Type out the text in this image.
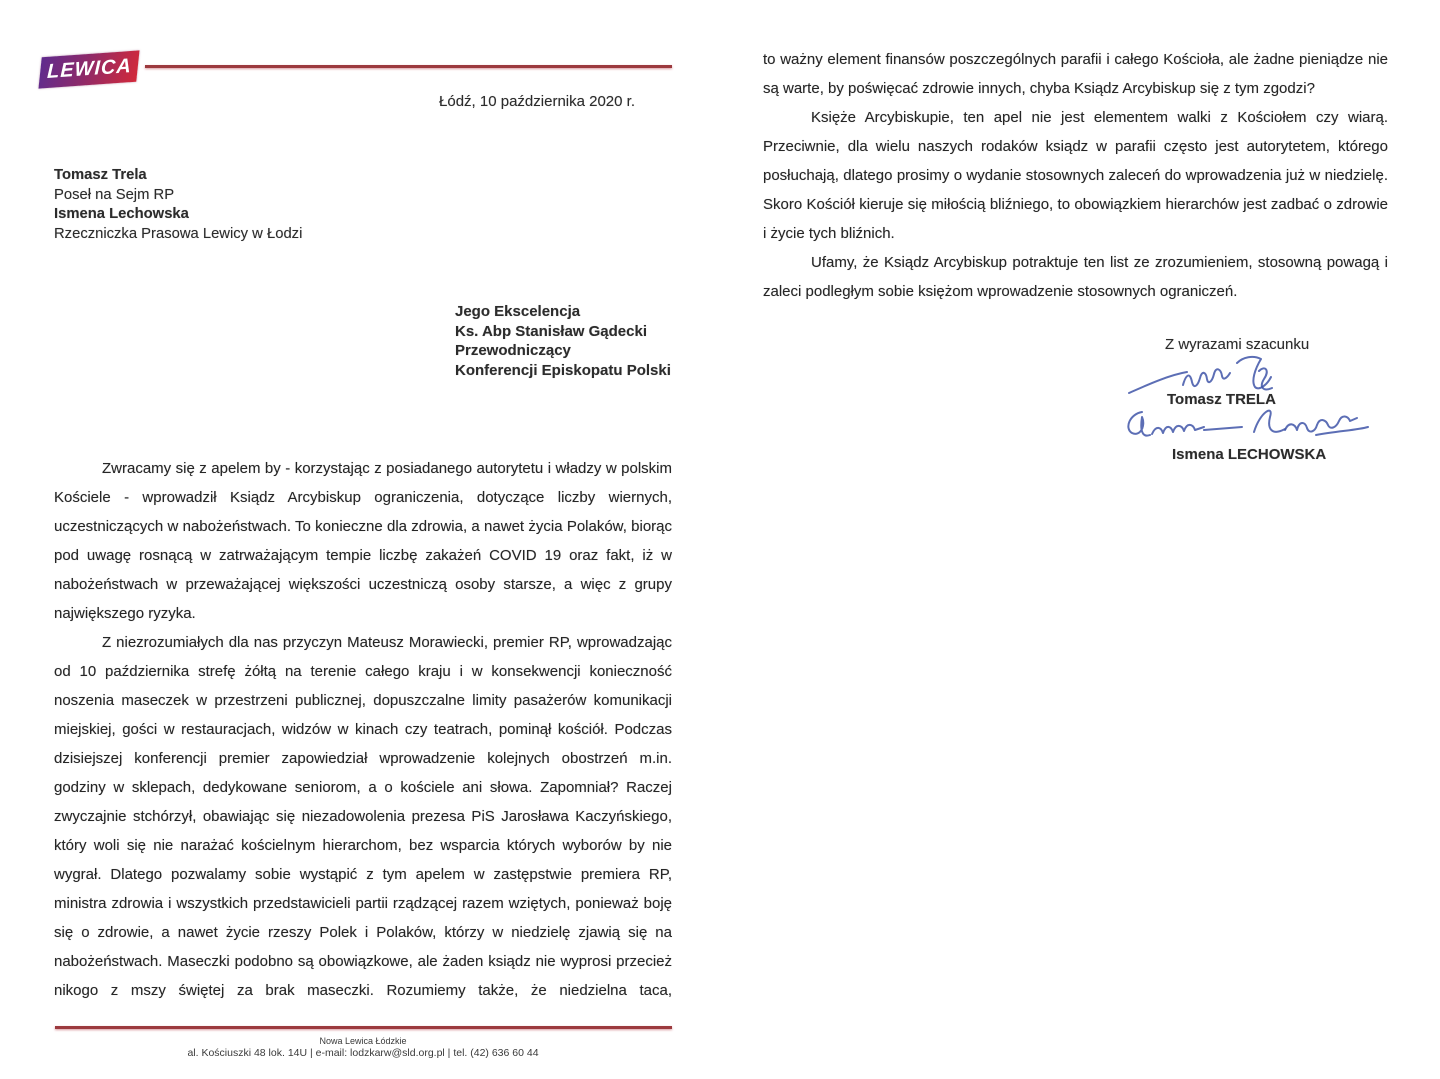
LEWICA
Łódź, 10 października 2020 r.
Tomasz Trela
Poseł na Sejm RP
Ismena Lechowska
Rzeczniczka Prasowa Lewicy w Łodzi
Jego Ekscelencja
Ks. Abp Stanisław Gądecki
Przewodniczący
Konferencji Episkopatu Polski

Zwracamy się z apelem by - korzystając z posiadanego autorytetu i władzy w polskim Kościele - wprowadził Ksiądz Arcybiskup ograniczenia, dotyczące liczby wiernych, uczestniczących w nabożeństwach. To konieczne dla zdrowia, a nawet życia Polaków, biorąc pod uwagę rosnącą w zatrważającym tempie liczbę zakażeń COVID 19 oraz fakt, iż w nabożeństwach w przeważającej większości uczestniczą osoby starsze, a więc z grupy największego ryzyka.

Z niezrozumiałych dla nas przyczyn Mateusz Morawiecki, premier RP, wprowadzając od 10 października strefę żółtą na terenie całego kraju i w konsekwencji konieczność noszenia maseczek w przestrzeni publicznej, dopuszczalne limity pasażerów komunikacji miejskiej, gości w restauracjach, widzów w kinach czy teatrach, pominął kościół. Podczas dzisiejszej konferencji premier zapowiedział wprowadzenie kolejnych obostrzeń m.in. godziny w sklepach, dedykowane seniorom, a o kościele ani słowa. Zapomniał? Raczej zwyczajnie stchórzył, obawiając się niezadowolenia prezesa PiS Jarosława Kaczyńskiego, który woli się nie narażać kościelnym hierarchom, bez wsparcia których wyborów by nie wygrał. Dlatego pozwalamy sobie wystąpić z tym apelem w zastępstwie premiera RP, ministra zdrowia i wszystkich przedstawicieli partii rządzącej razem wziętych, ponieważ boję się o zdrowie, a nawet życie rzeszy Polek i Polaków, którzy w niedzielę zjawią się na nabożeństwach. Maseczki podobno są obowiązkowe, ale żaden ksiądz nie wyprosi przecież nikogo z mszy świętej za brak maseczki. Rozumiemy także, że niedzielna taca,

Nowa Lewica Łódzkie
al. Kościuszki 48 lok. 14U | e-mail: lodzkarw@sld.org.pl | tel. (42) 636 60 44

to ważny element finansów poszczególnych parafii i całego Kościoła, ale żadne pieniądze nie są warte, by poświęcać zdrowie innych, chyba Ksiądz Arcybiskup się z tym zgodzi?

Księże Arcybiskupie, ten apel nie jest elementem walki z Kościołem czy wiarą. Przeciwnie, dla wielu naszych rodaków ksiądz w parafii często jest autorytetem, którego posłuchają, dlatego prosimy o wydanie stosownych zaleceń do wprowadzenia już w niedzielę. Skoro Kościół kieruje się miłością bliźniego, to obowiązkiem hierarchów jest zadbać o zdrowie i życie tych bliźnich.

Ufamy, że Ksiądz Arcybiskup potraktuje ten list ze zrozumieniem, stosowną powagą i zaleci podległym sobie księżom wprowadzenie stosownych ograniczeń.

Z wyrazami szacunku
Tomasz TRELA
Ismena LECHOWSKA
